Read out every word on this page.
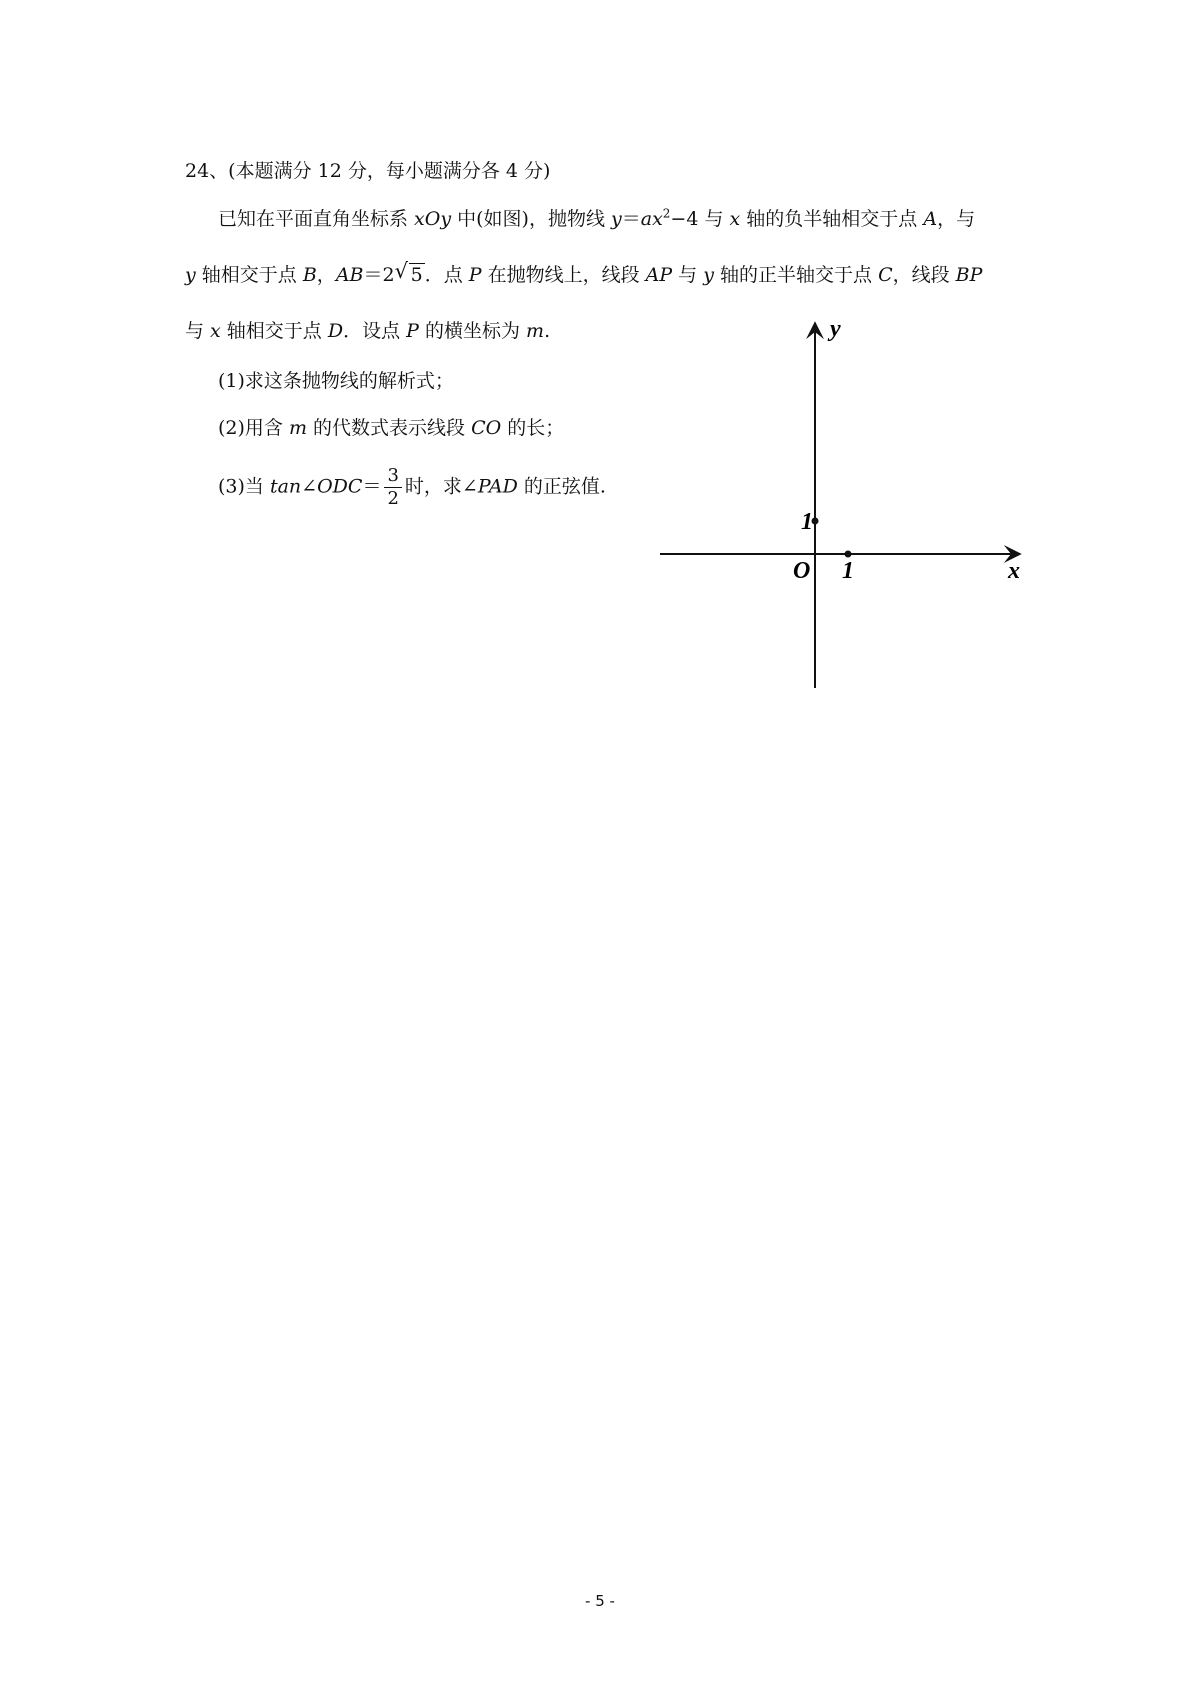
24、(本题满分 12 分，每小题满分各 4 分)
已知在平面直角坐标系 xOy 中(如图)，抛物线 $y=ax^2-4$ 与 x 轴的负半轴相交于点 A，与
y 轴相交于点 B，AB＝2 √ 5 ．点 P 在抛物线上，线段 AP 与 y 轴的正半轴交于点 C，线段 BP
与 x 轴相交于点 D．设点 P 的横坐标为 m.
(1)求这条抛物线的解析式；
(2)用含 m 的代数式表示线段 CO 的长；
(3)当 tan∠ODC＝ $\frac{3}{2}$ 时，求∠PAD 的正弦值.
y
x
O 1
1
- 5 -
